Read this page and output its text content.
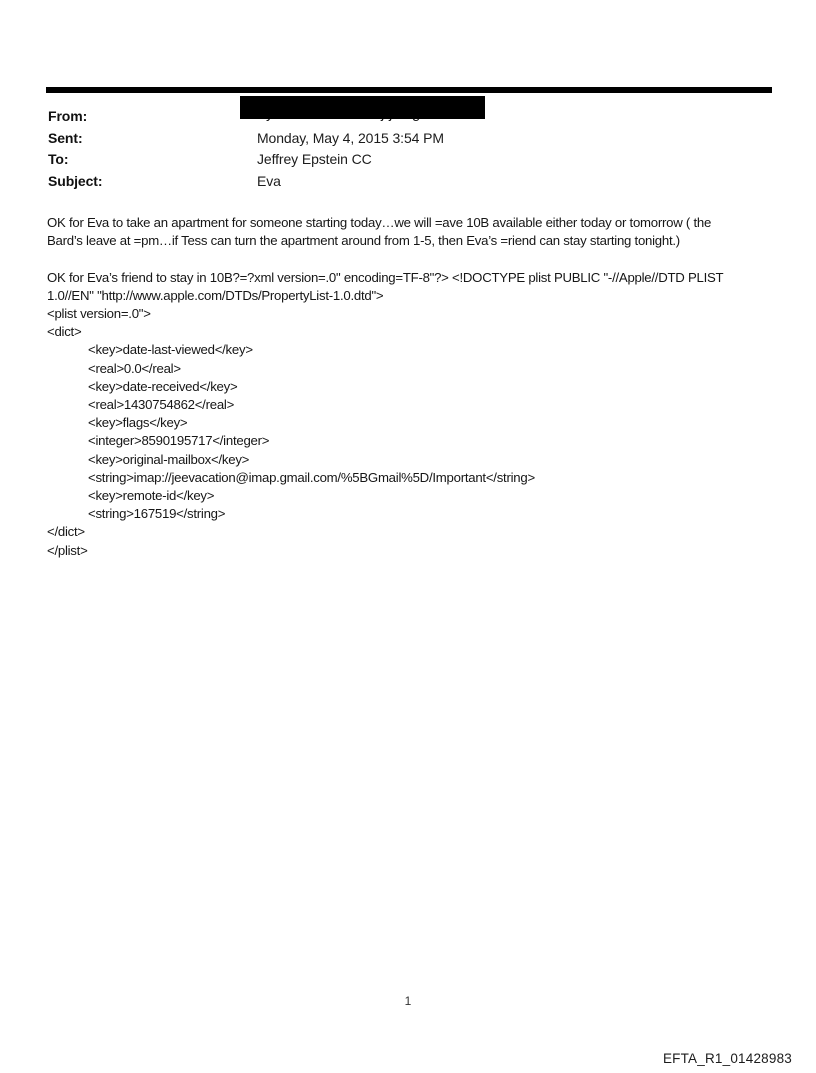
From:
Sent:	Monday, May 4, 2015 3:54 PM
To:	Jeffrey Epstein CC
Subject:	Eva
OK for Eva to take an apartment for someone starting today…we will =ave 10B available either today or tomorrow ( the
Bard’s leave at =pm…if Tess can turn the apartment around from 1-5, then Eva’s =riend can stay starting tonight.)
OK for Eva’s friend to stay in 10B?=?xml version=.0" encoding=TF-8"?> <!DOCTYPE plist PUBLIC "-//Apple//DTD PLIST
1.0//EN" "http://www.apple.com/DTDs/PropertyList-1.0.dtd">
<plist version=.0">
<dict>
<key>date-last-viewed</key>
<real>0.0</real>
<key>date-received</key>
<real>1430754862</real>
<key>flags</key>
<integer>8590195717</integer>
<key>original-mailbox</key>
<string>imap://jeevacation@imap.gmail.com/%5BGmail%5D/Important</string>
<key>remote-id</key>
<string>167519</string>
</dict>
</plist>
1
EFTA_R1_01428983
